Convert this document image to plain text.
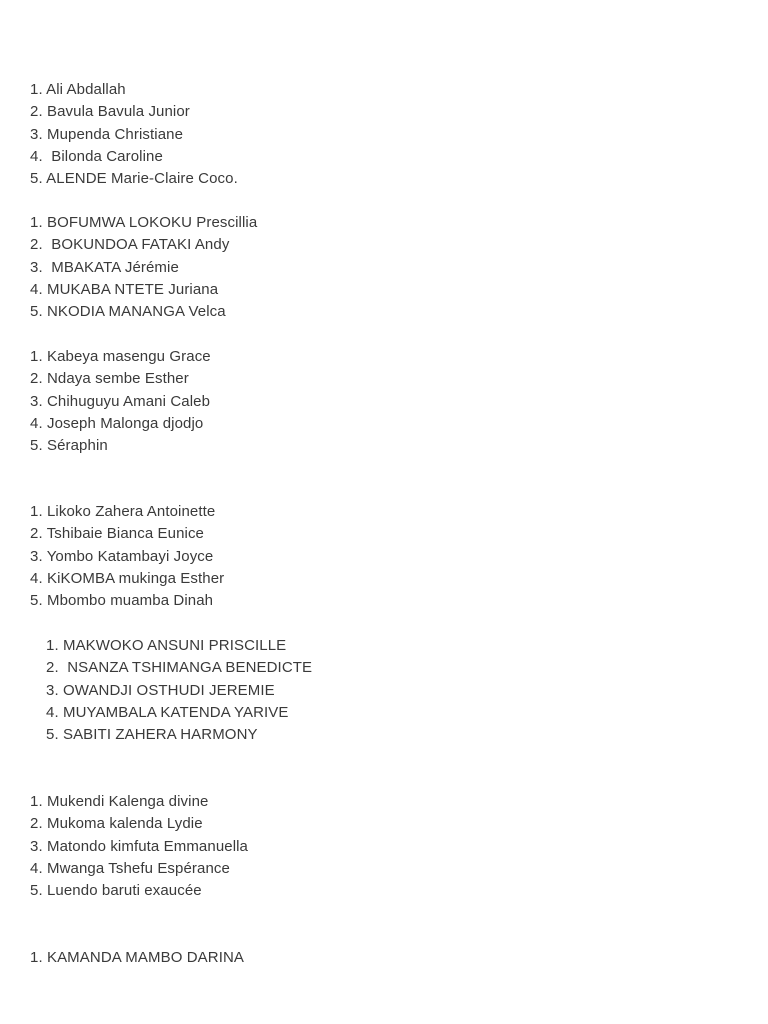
1. Ali Abdallah
2. Bavula Bavula Junior
3. Mupenda Christiane
4.  Bilonda Caroline
5. ALENDE Marie-Claire Coco.
1. BOFUMWA LOKOKU Prescillia
2.  BOKUNDOA FATAKI Andy
3.  MBAKATA Jérémie
4. MUKABA NTETE Juriana
5. NKODIA MANANGA Velca
1. Kabeya masengu Grace
2. Ndaya sembe Esther
3. Chihuguyu Amani Caleb
4. Joseph Malonga djodjo
5. Séraphin
1. Likoko Zahera Antoinette
2. Tshibaie Bianca Eunice
3. Yombo Katambayi Joyce
4. KiKOMBA mukinga Esther
5. Mbombo muamba Dinah
1. MAKWOKO ANSUNI PRISCILLE
2.  NSANZA TSHIMANGA BENEDICTE
3. OWANDJI OSTHUDI JEREMIE
4. MUYAMBALA KATENDA YARIVE
5. SABITI ZAHERA HARMONY
1. Mukendi Kalenga divine
2. Mukoma kalenda Lydie
3. Matondo kimfuta Emmanuella
4. Mwanga Tshefu Espérance
5. Luendo baruti exaucée
1. KAMANDA MAMBO DARINA
